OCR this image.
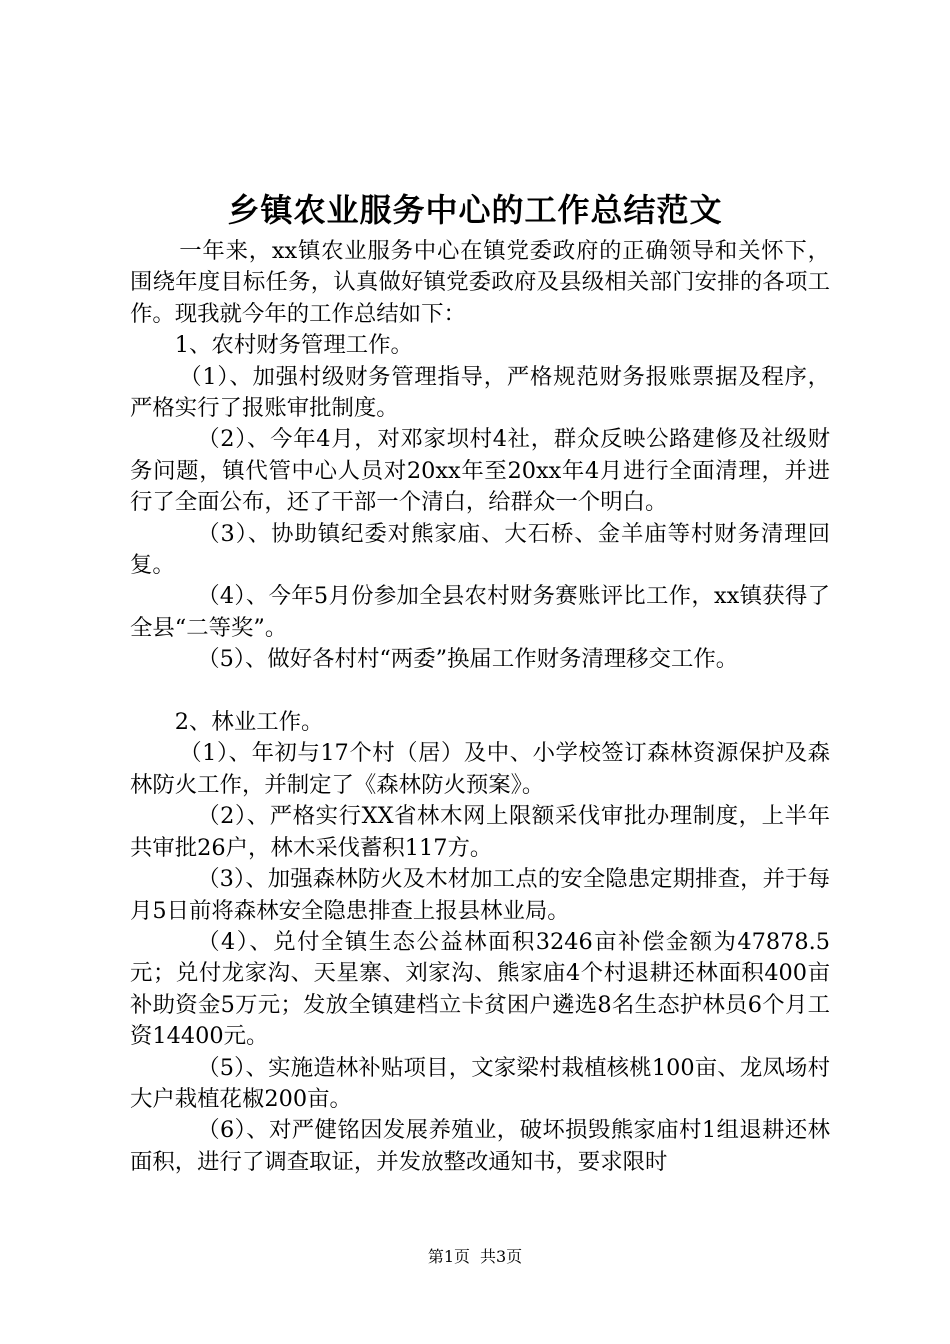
乡镇农业服务中心的工作总结范文

一年来，xx镇农业服务中心在镇党委政府的正确领导和关怀下，围绕年度目标任务，认真做好镇党委政府及县级相关部门安排的各项工作。现我就今年的工作总结如下：

1、农村财务管理工作。

（1）、加强村级财务管理指导，严格规范财务报账票据及程序，严格实行了报账审批制度。

（2）、今年4月，对邓家坝村4社，群众反映公路建修及社级财务问题，镇代管中心人员对20xx年至20xx年4月进行全面清理，并进行了全面公布，还了干部一个清白，给群众一个明白。

（3）、协助镇纪委对熊家庙、大石桥、金羊庙等村财务清理回复。

（4）、今年5月份参加全县农村财务赛账评比工作，xx镇获得了全县“二等奖”。

（5）、做好各村村“两委”换届工作财务清理移交工作。

2、林业工作。

（1）、年初与17个村（居）及中、小学校签订森林资源保护及森林防火工作，并制定了《森林防火预案》。

（2）、严格实行XX省林木网上限额采伐审批办理制度，上半年共审批26户，林木采伐蓄积117方。

（3）、加强森林防火及木材加工点的安全隐患定期排查，并于每月5日前将森林安全隐患排查上报县林业局。

（4）、兑付全镇生态公益林面积3246亩补偿金额为47878.5元；兑付龙家沟、天星寨、刘家沟、熊家庙4个村退耕还林面积400亩补助资金5万元；发放全镇建档立卡贫困户遴选8名生态护林员6个月工资14400元。

（5）、实施造林补贴项目，文家梁村栽植核桃100亩、龙凤场村大户栽植花椒200亩。

（6）、对严健铭因发展养殖业，破坏损毁熊家庙村1组退耕还林面积，进行了调查取证，并发放整改通知书，要求限时

第1页 共3页
